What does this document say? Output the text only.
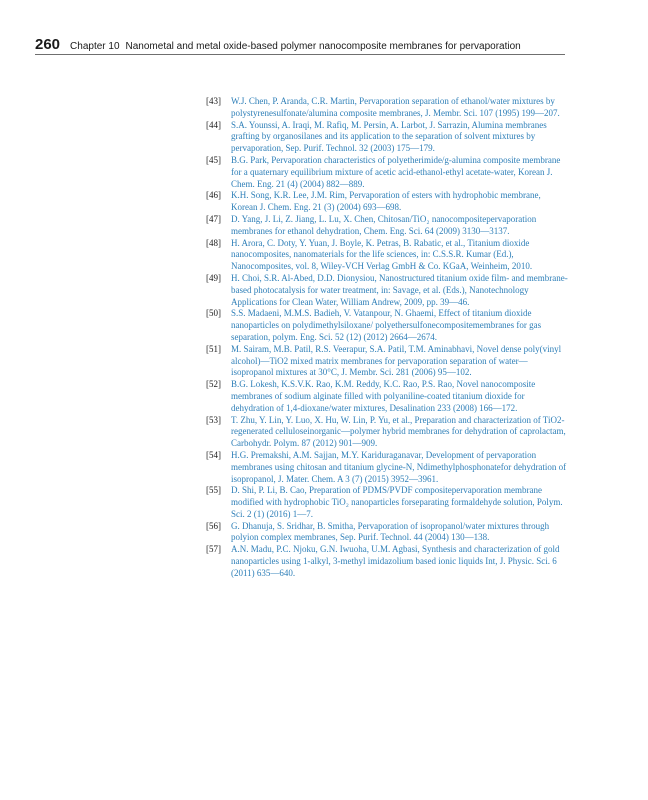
260 Chapter 10 Nanometal and metal oxide-based polymer nanocomposite membranes for pervaporation
[43]	W.J. Chen, P. Aranda, C.R. Martin, Pervaporation separation of ethanol/water mixtures by polystyrenesulfonate/alumina composite membranes, J. Membr. Sci. 107 (1995) 199—207.
[44]	S.A. Younssi, A. Iraqi, M. Rafiq, M. Persin, A. Larbot, J. Sarrazin, Alumina membranes grafting by organosilanes and its application to the separation of solvent mixtures by pervaporation, Sep. Purif. Technol. 32 (2003) 175—179.
[45]	B.G. Park, Pervaporation characteristics of polyetherimide/g-alumina composite membrane for a quaternary equilibrium mixture of acetic acid-ethanol-ethyl acetate-water, Korean J. Chem. Eng. 21 (4) (2004) 882—889.
[46]	K.H. Song, K.R. Lee, J.M. Rim, Pervaporation of esters with hydrophobic membrane, Korean J. Chem. Eng. 21 (3) (2004) 693—698.
[47]	D. Yang, J. Li, Z. Jiang, L. Lu, X. Chen, Chitosan/TiO₂ nanocompositepervaporation membranes for ethanol dehydration, Chem. Eng. Sci. 64 (2009) 3130—3137.
[48]	H. Arora, C. Doty, Y. Yuan, J. Boyle, K. Petras, B. Rabatic, et al., Titanium dioxide nanocomposites, nanomaterials for the life sciences, in: C.S.S.R. Kumar (Ed.), Nanocomposites, vol. 8, Wiley-VCH Verlag GmbH & Co. KGaA, Weinheim, 2010.
[49]	H. Choi, S.R. Al-Abed, D.D. Dionysiou, Nanostructured titanium oxide film- and membrane-based photocatalysis for water treatment, in: Savage, et al. (Eds.), Nanotechnology Applications for Clean Water, William Andrew, 2009, pp. 39—46.
[50]	S.S. Madaeni, M.M.S. Badieh, V. Vatanpour, N. Ghaemi, Effect of titanium dioxide nanoparticles on polydimethylsiloxane/ polyethersulfonecompositemembranes for gas separation, polym. Eng. Sci. 52 (12) (2012) 2664—2674.
[51]	M. Sairam, M.B. Patil, R.S. Veerapur, S.A. Patil, T.M. Aminabhavi, Novel dense poly(vinyl alcohol)—TiO2 mixed matrix membranes for pervaporation separation of water—isopropanol mixtures at 30°C, J. Membr. Sci. 281 (2006) 95—102.
[52]	B.G. Lokesh, K.S.V.K. Rao, K.M. Reddy, K.C. Rao, P.S. Rao, Novel nanocomposite membranes of sodium alginate filled with polyaniline-coated titanium dioxide for dehydration of 1,4-dioxane/water mixtures, Desalination 233 (2008) 166—172.
[53]	T. Zhu, Y. Lin, Y. Luo, X. Hu, W. Lin, P. Yu, et al., Preparation and characterization of TiO2-regenerated celluloseinorganic—polymer hybrid membranes for dehydration of caprolactam, Carbohydr. Polym. 87 (2012) 901—909.
[54]	H.G. Premakshi, A.M. Sajjan, M.Y. Kariduraganavar, Development of pervaporation membranes using chitosan and titanium glycine-N, Ndimethylphosphonatefor dehydration of isopropanol, J. Mater. Chem. A 3 (7) (2015) 3952—3961.
[55]	D. Shi, P. Li, B. Cao, Preparation of PDMS/PVDF compositepervaporation membrane modified with hydrophobic TiO₂ nanoparticles forseparating formaldehyde solution, Polym. Sci. 2 (1) (2016) 1—7.
[56]	G. Dhanuja, S. Sridhar, B. Smitha, Pervaporation of isopropanol/water mixtures through polyion complex membranes, Sep. Purif. Technol. 44 (2004) 130—138.
[57]	A.N. Madu, P.C. Njoku, G.N. Iwuoha, U.M. Agbasi, Synthesis and characterization of gold nanoparticles using 1-alkyl, 3-methyl imidazolium based ionic liquids Int, J. Physic. Sci. 6 (2011) 635—640.
